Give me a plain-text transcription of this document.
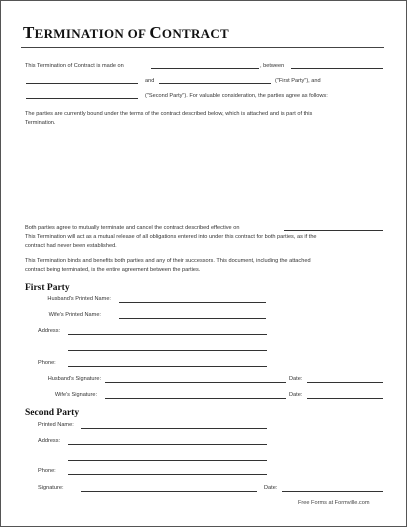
TERMINATION OF CONTRACT
This Termination of Contract is made on	, between
and	("First Party"), and
("Second Party"). For valuable consideration, the parties agree as follows:
The parties are currently bound under the terms of the contract described below, which is attached and is part of this
Termination.
Both parties agree to mutually terminate and cancel the contract described effective on
This Termination will act as a mutual release of all obligations entered into under this contract for both parties, as if the
contract had never been established.
This Termination binds and benefits both parties and any of their successors. This document, including the attached
contract being terminated, is the entire agreement between the parties.
First Party
Husband's Printed Name:
Wife's Printed Name:
Address:
Phone:
Husband's Signature:	Date:
Wife's Signature:	Date:
Second Party
Printed Name:
Address:
Phone:
Signature:	Date:
Free Forms at Formville.com
